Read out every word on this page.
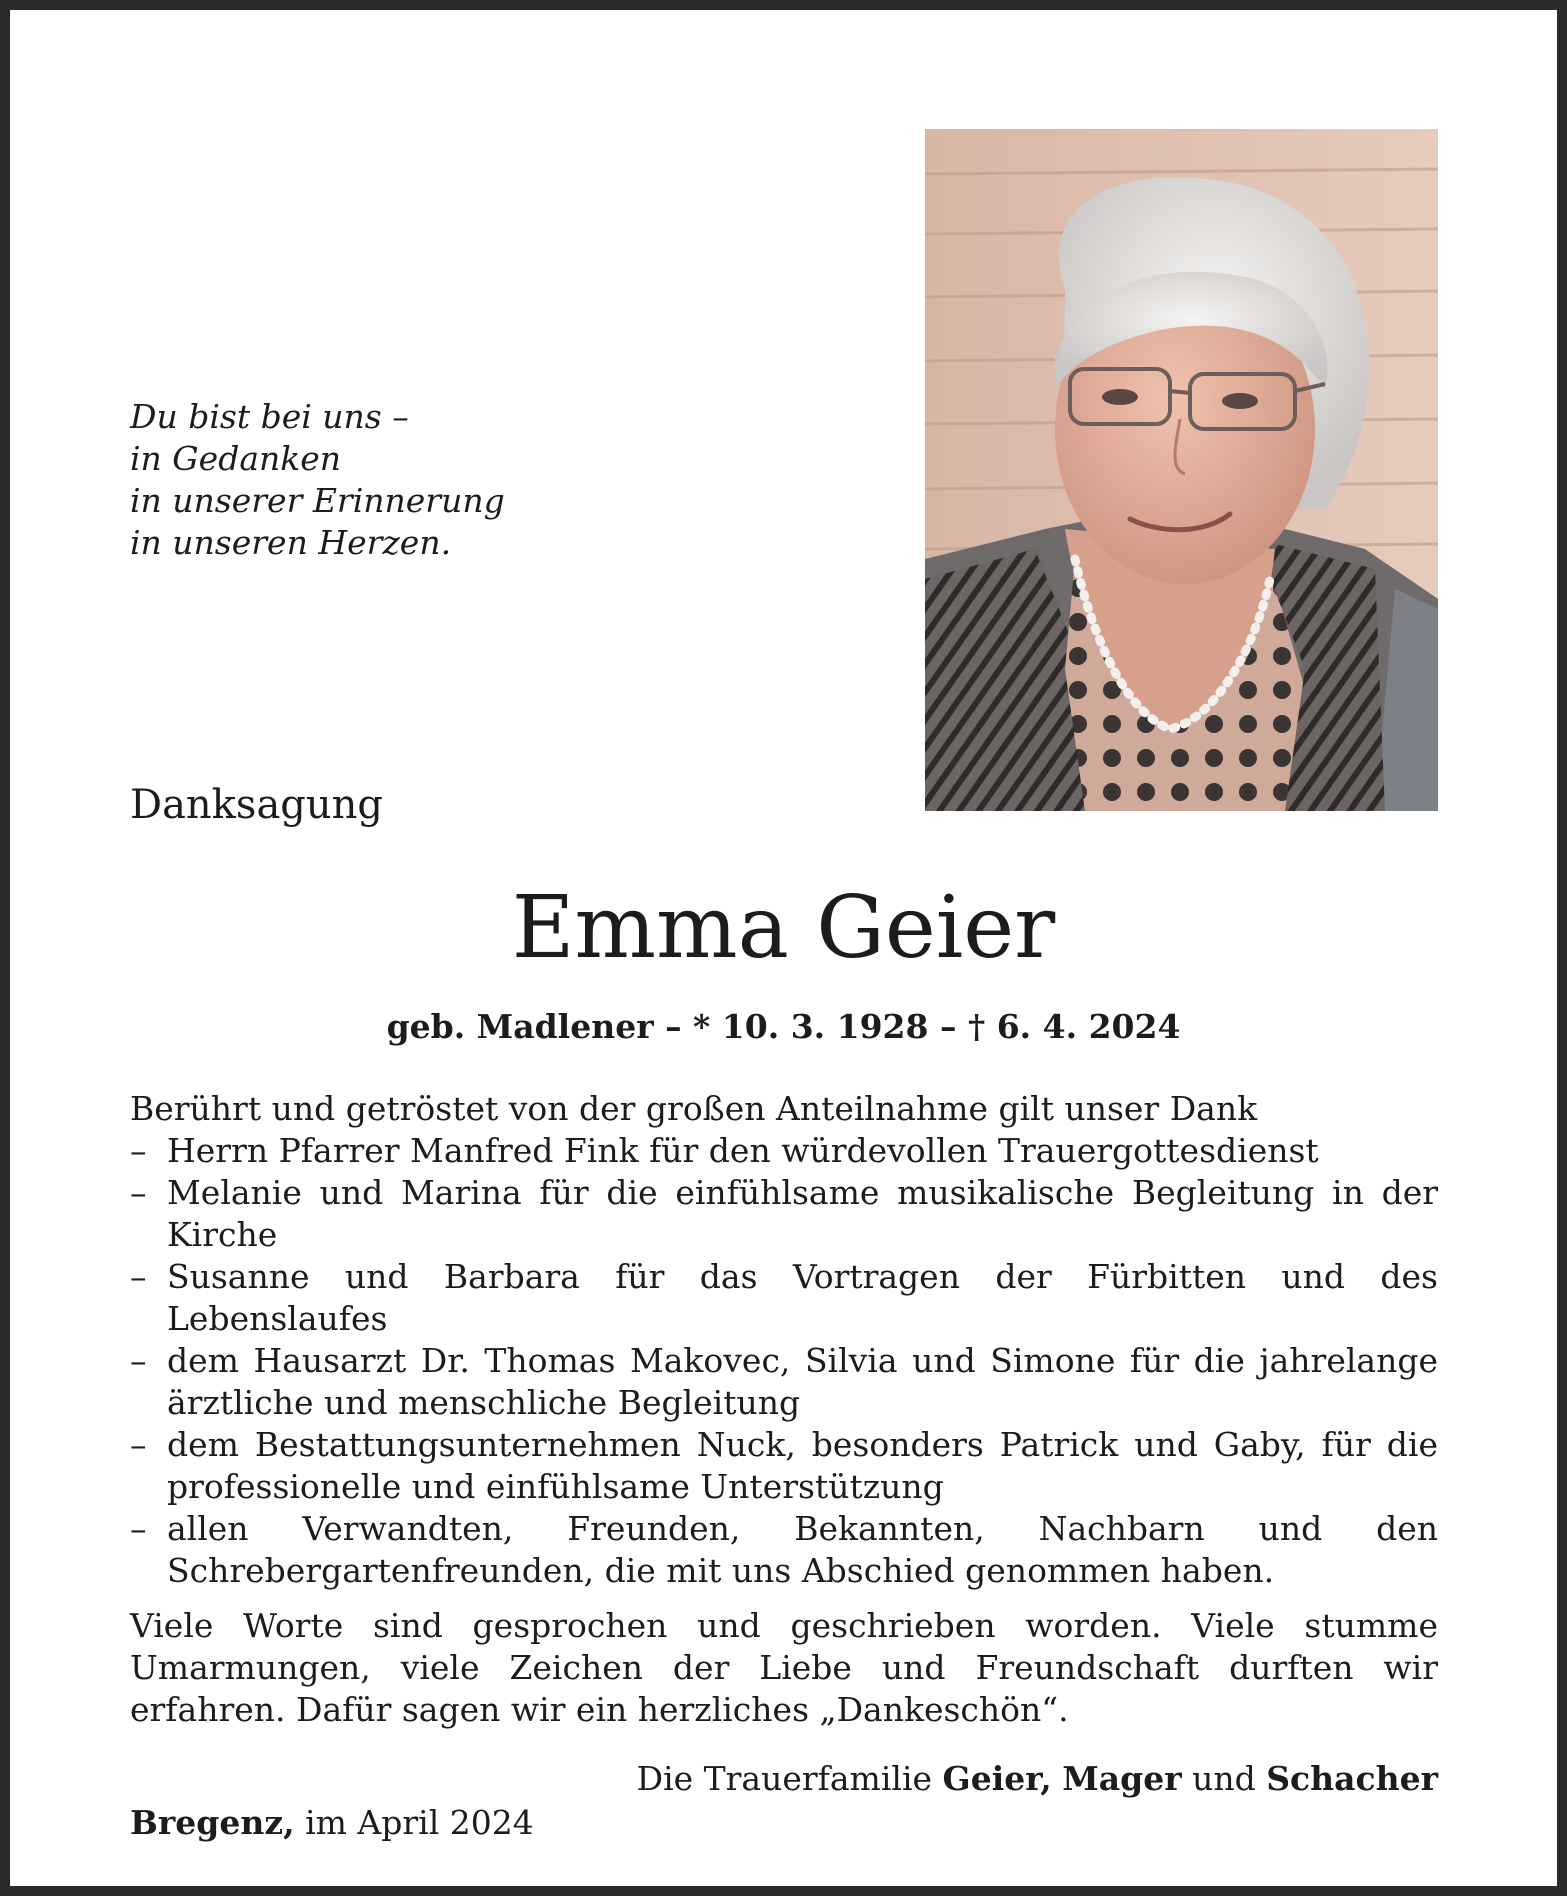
Du bist bei uns –
in Gedanken
in unserer Erinnerung
in unseren Herzen.
Danksagung
Emma Geier
geb. Madlener – * 10. 3. 1928 – † 6. 4. 2024
Berührt und getröstet von der großen Anteilnahme gilt unser Dank
– Herrn Pfarrer Manfred Fink für den würdevollen Trauergottesdienst
– Melanie und Marina für die einfühlsame musikalische Begleitung in der Kirche
– Susanne und Barbara für das Vortragen der Fürbitten und des Lebenslaufes
– dem Hausarzt Dr. Thomas Makovec, Silvia und Simone für die jahrelange ärztliche und menschliche Begleitung
– dem Bestattungsunternehmen Nuck, besonders Patrick und Gaby, für die professionelle und einfühlsame Unterstützung
– allen Verwandten, Freunden, Bekannten, Nachbarn und den Schrebergartenfreunden, die mit uns Abschied genommen haben.
Viele Worte sind gesprochen und geschrieben worden. Viele stumme Umarmungen, viele Zeichen der Liebe und Freundschaft durften wir erfahren. Dafür sagen wir ein herzliches „Dankeschön“.
Die Trauerfamilie Geier, Mager und Schacher
Bregenz, im April 2024
